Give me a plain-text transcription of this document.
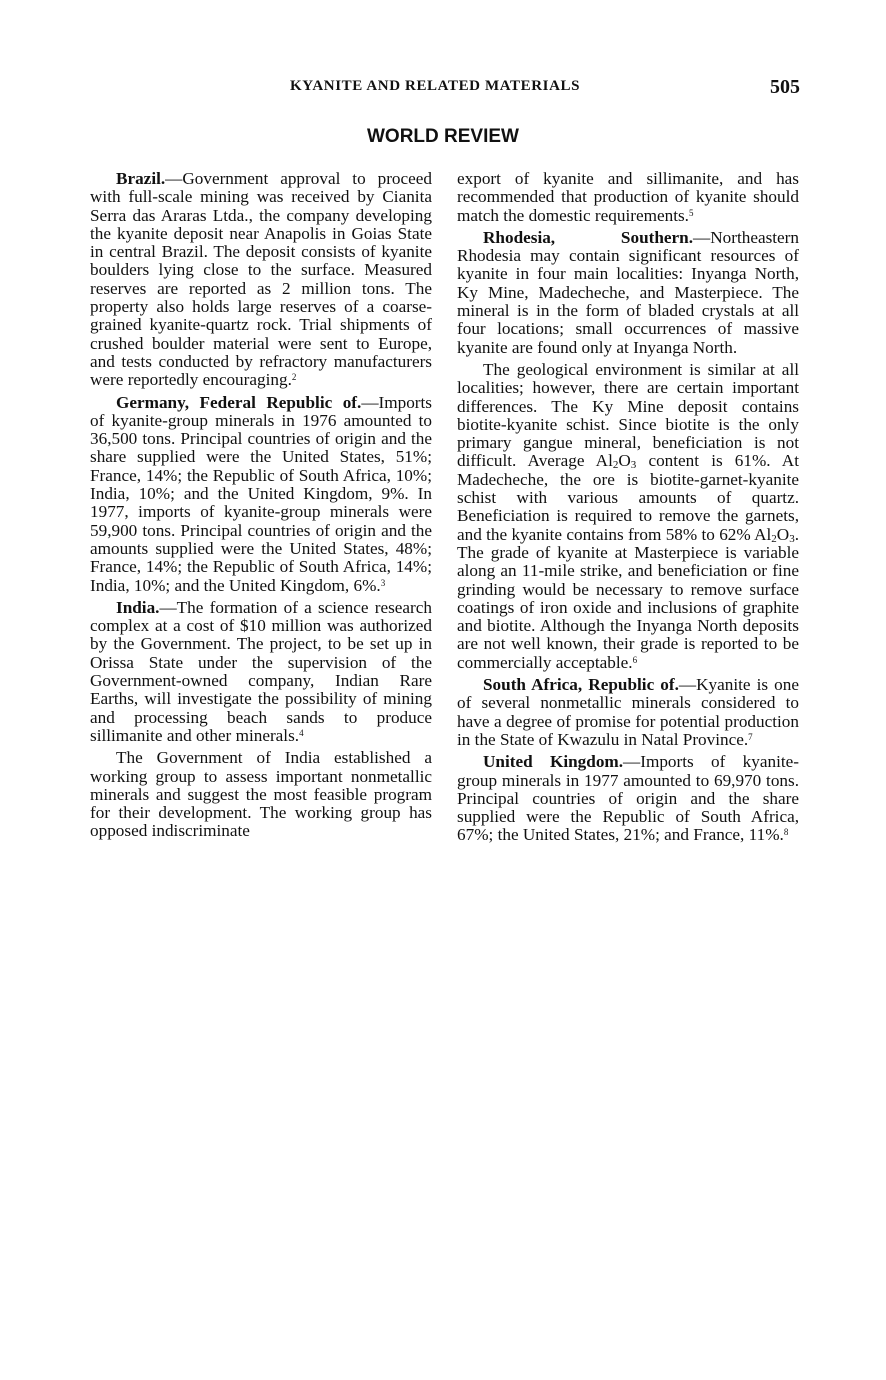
KYANITE AND RELATED MATERIALS	505
WORLD REVIEW

Brazil.—Government approval to proceed with full-scale mining was received by Cianita Serra das Araras Ltda., the company developing the kyanite deposit near Anapolis in Goias State in central Brazil. The deposit consists of kyanite boulders lying close to the surface. Measured reserves are reported as 2 million tons. The property also holds large reserves of a coarse-grained kyanite-quartz rock. Trial shipments of crushed boulder material were sent to Europe, and tests conducted by refractory manufacturers were reportedly encouraging.$^2$

Germany, Federal Republic of.—Imports of kyanite-group minerals in 1976 amounted to 36,500 tons. Principal countries of origin and the share supplied were the United States, 51%; France, 14%; the Republic of South Africa, 10%; India, 10%; and the United Kingdom, 9%. In 1977, imports of kyanite-group minerals were 59,900 tons. Principal countries of origin and the amounts supplied were the United States, 48%; France, 14%; the Republic of South Africa, 14%; India, 10%; and the United Kingdom, 6%.$^3$

India.—The formation of a science research complex at a cost of $10 million was authorized by the Government. The project, to be set up in Orissa State under the supervision of the Government-owned company, Indian Rare Earths, will investigate the possibility of mining and processing beach sands to produce sillimanite and other minerals.$^4$

The Government of India established a working group to assess important nonmetallic minerals and suggest the most feasible program for their development. The working group has opposed indiscriminate

export of kyanite and sillimanite, and has recommended that production of kyanite should match the domestic requirements.$^5$

Rhodesia, Southern.—Northeastern Rhodesia may contain significant resources of kyanite in four main localities: Inyanga North, Ky Mine, Madecheche, and Masterpiece. The mineral is in the form of bladed crystals at all four locations; small occurrences of massive kyanite are found only at Inyanga North.

The geological environment is similar at all localities; however, there are certain important differences. The Ky Mine deposit contains biotite-kyanite schist. Since biotite is the only primary gangue mineral, beneficiation is not difficult. Average $Al_2O_3$ content is 61%. At Madecheche, the ore is biotite-garnet-kyanite schist with various amounts of quartz. Beneficiation is required to remove the garnets, and the kyanite contains from 58% to 62% $Al_2O_3$. The grade of kyanite at Masterpiece is variable along an 11-mile strike, and beneficiation or fine grinding would be necessary to remove surface coatings of iron oxide and inclusions of graphite and biotite. Although the Inyanga North deposits are not well known, their grade is reported to be commercially acceptable.$^6$

South Africa, Republic of.—Kyanite is one of several nonmetallic minerals considered to have a degree of promise for potential production in the State of Kwazulu in Natal Province.$^7$

United Kingdom.—Imports of kyanite-group minerals in 1977 amounted to 69,970 tons. Principal countries of origin and the share supplied were the Republic of South Africa, 67%; the United States, 21%; and France, 11%.$^8$
